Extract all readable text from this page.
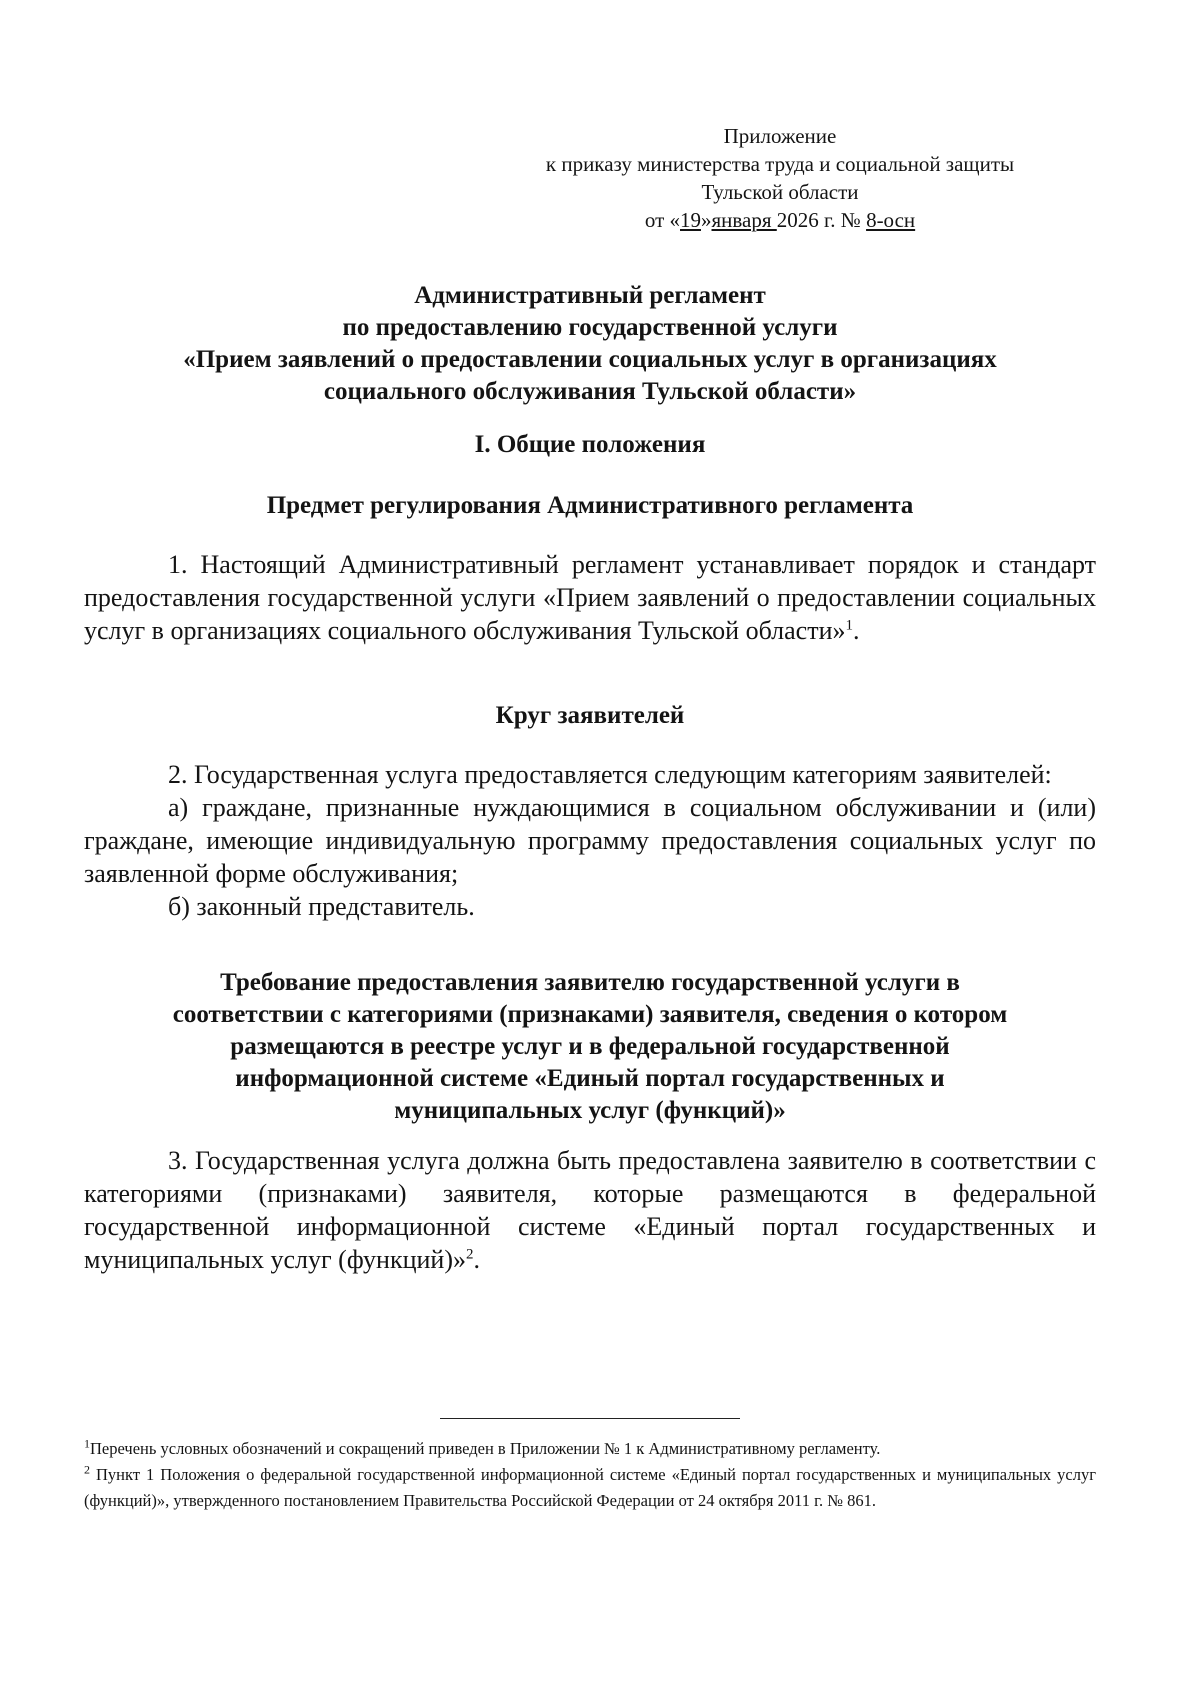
Приложение
к приказу министерства труда и социальной защиты
Тульской области
от «19»января 2026 г. № 8-осн
Административный регламент
по предоставлению государственной услуги
«Прием заявлений о предоставлении социальных услуг в организациях
социального обслуживания Тульской области»
I. Общие положения
Предмет регулирования Административного регламента
1. Настоящий Административный регламент устанавливает порядок и стандарт предоставления государственной услуги «Прием заявлений о предоставлении социальных услуг в организациях социального обслуживания Тульской области»$^1$.
Круг заявителей
2. Государственная услуга предоставляется следующим категориям заявителей:
а) граждане, признанные нуждающимися в социальном обслуживании и (или) граждане, имеющие индивидуальную программу предоставления социальных услуг по заявленной форме обслуживания;
б) законный представитель.
Требование предоставления заявителю государственной услуги в
соответствии с категориями (признаками) заявителя, сведения о котором
размещаются в реестре услуг и в федеральной государственной
информационной системе «Единый портал государственных и
муниципальных услуг (функций)»
3. Государственная услуга должна быть предоставлена заявителю в соответствии с категориями (признаками) заявителя, которые размещаются в федеральной государственной информационной системе «Единый портал государственных и муниципальных услуг (функций)»$^2$.

$^1$Перечень условных обозначений и сокращений приведен в Приложении № 1 к Административному регламенту.

$^2$ Пункт 1 Положения о федеральной государственной информационной системе «Единый портал государственных и муниципальных услуг (функций)», утвержденного постановлением Правительства Российской Федерации от 24 октября 2011 г. № 861.
